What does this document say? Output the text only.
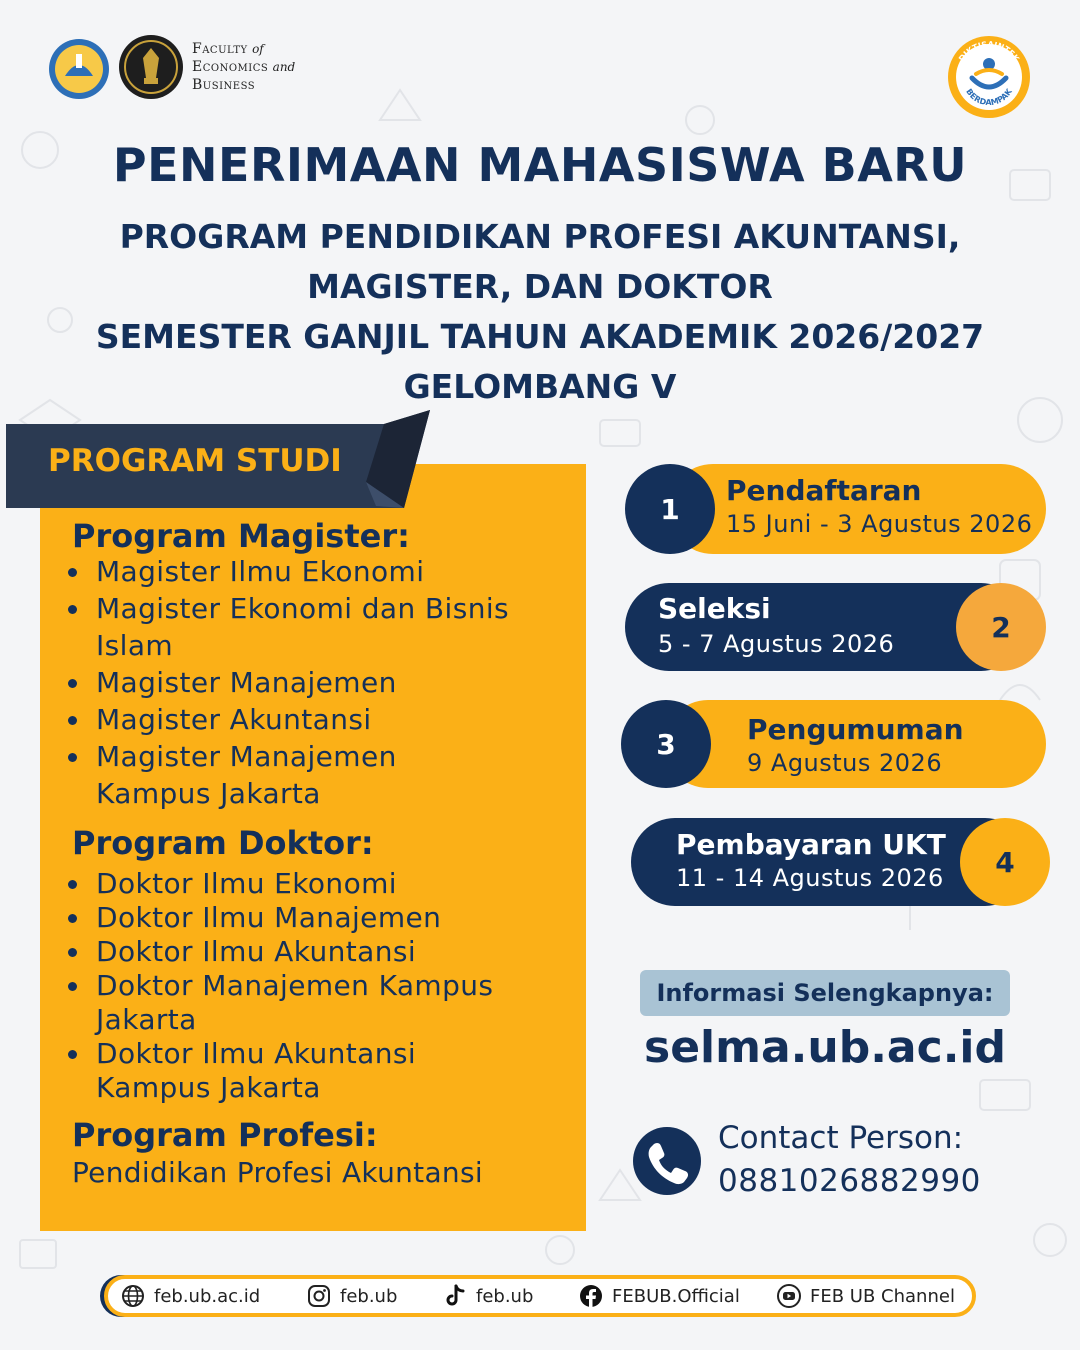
Faculty of
Economics and
Business
DIKTISAINTEK
BERDAMPAK
PENERIMAAN MAHASISWA BARU
PROGRAM PENDIDIKAN PROFESI AKUNTANSI,
MAGISTER, DAN DOKTOR
SEMESTER GANJIL TAHUN AKADEMIK 2026/2027
GELOMBANG V
PROGRAM STUDI
Program Magister:
Magister Ilmu Ekonomi
Magister Ekonomi dan Bisnis Islam
Magister Manajemen
Magister Akuntansi
Magister Manajemen Kampus Jakarta
Program Doktor:
Doktor Ilmu Ekonomi
Doktor Ilmu Manajemen
Doktor Ilmu Akuntansi
Doktor Manajemen Kampus Jakarta
Doktor Ilmu Akuntansi Kampus Jakarta
Program Profesi:
Pendidikan Profesi Akuntansi
1
Pendaftaran
15 Juni - 3 Agustus 2026
2
Seleksi
5 - 7 Agustus 2026
3	Pengumuman
9 Agustus 2026
4
Pembayaran UKT
11 - 14 Agustus 2026
Informasi Selengkapnya:
selma.ub.ac.id
Contact Person:
0881026882990
feb.ub.ac.id	feb.ub	feb.ub	FEBUB.Official	FEB UB Channel
